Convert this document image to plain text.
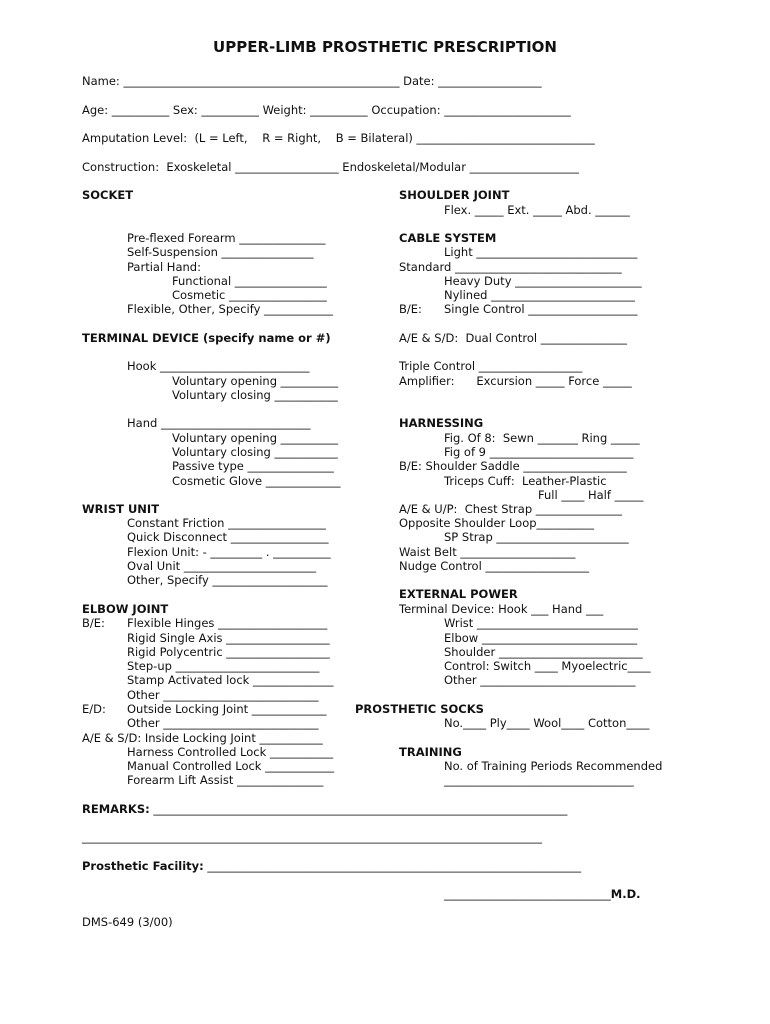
UPPER-LIMB PROSTHETIC PRESCRIPTION
Name: ________________________________________________ Date: __________________
Age: __________ Sex: __________ Weight: __________ Occupation: ______________________
Amputation Level:  (L = Left,    R = Right,    B = Bilateral) _______________________________
Construction:  Exoskeletal __________________ Endoskeletal/Modular ___________________
SOCKET
Pre-flexed Forearm _______________
Self-Suspension ________________
Partial Hand:
Functional ________________
Cosmetic _________________
Flexible, Other, Specify ____________
TERMINAL DEVICE (specify name or #)
Hook __________________________
Voluntary opening __________
Voluntary closing ___________
Hand __________________________
Voluntary opening __________
Voluntary closing ___________
Passive type _______________
Cosmetic Glove _____________
WRIST UNIT
Constant Friction _________________
Quick Disconnect _________________
Flexion Unit: - _________ . __________
Oval Unit _______________________
Other, Specify ____________________
ELBOW JOINT
B/E: Flexible Hinges ___________________
Rigid Single Axis __________________
Rigid Polycentric __________________
Step-up _________________________
Stamp Activated lock ______________
Other ___________________________
E/D: Outside Locking Joint _____________
Other ___________________________
A/E & S/D: Inside Locking Joint ___________
Harness Controlled Lock ___________
Manual Controlled Lock ____________
Forearm Lift Assist _______________
SHOULDER JOINT
Flex. _____ Ext. _____ Abd. ______
CABLE SYSTEM
Light ____________________________
Standard _____________________________
Heavy Duty ______________________
Nylined _________________________
B/E: Single Control ___________________
A/E & S/D:  Dual Control _______________
Triple Control __________________
Amplifier:      Excursion _____ Force _____
HARNESSING
Fig. Of 8:  Sewn _______ Ring _____
Fig of 9 _________________________
B/E: Shoulder Saddle __________________
Triceps Cuff:  Leather-Plastic
Full ____ Half _____
A/E & U/P:  Chest Strap _______________
Opposite Shoulder Loop__________
SP Strap _______________________
Waist Belt ____________________
Nudge Control __________________
EXTERNAL POWER
Terminal Device: Hook ___ Hand ___
Wrist ____________________________
Elbow ___________________________
Shoulder _________________________
Control: Switch ____ Myoelectric____
Other ___________________________
PROSTHETIC SOCKS
No.____ Ply____ Wool____ Cotton____
TRAINING
No. of Training Periods Recommended
_________________________________
REMARKS: ________________________________________________________________________
________________________________________________________________________________
Prosthetic Facility: _________________________________________________________________
_____________________________M.D.
DMS-649 (3/00)
